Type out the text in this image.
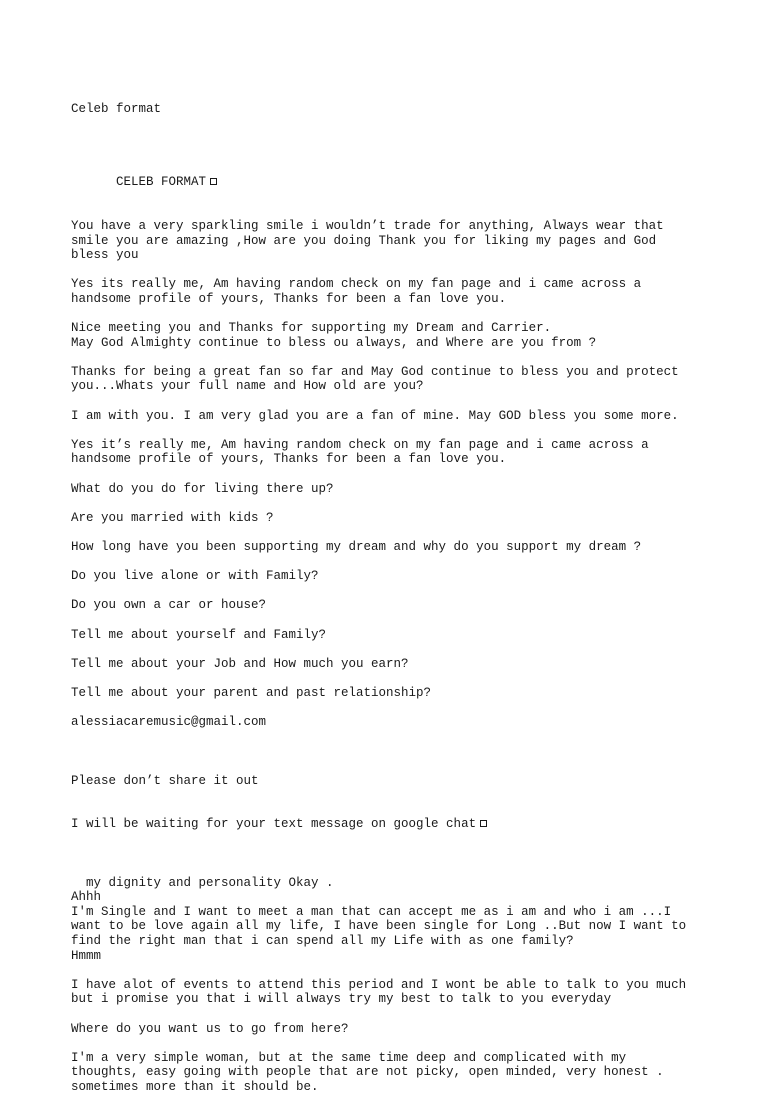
Celeb format

CELEB FORMAT

You have a very sparkling smile i wouldn’t trade for anything, Always wear that
smile you are amazing ,How are you doing Thank you for liking my pages and God
bless you

Yes its really me, Am having random check on my fan page and i came across a
handsome profile of yours, Thanks for been a fan love you.

Nice meeting you and Thanks for supporting my Dream and Carrier.
May God Almighty continue to bless ou always, and Where are you from ?

Thanks for being a great fan so far and May God continue to bless you and protect
you...Whats your full name and How old are you?

I am with you. I am very glad you are a fan of mine. May GOD bless you some more.

Yes it’s really me, Am having random check on my fan page and i came across a
handsome profile of yours, Thanks for been a fan love you.

What do you do for living there up?

Are you married with kids ?

How long have you been supporting my dream and why do you support my dream ?

Do you live alone or with Family?

Do you own a car or house?

Tell me about yourself and Family?

Tell me about your Job and How much you earn?

Tell me about your parent and past relationship?

alessiacaremusic@gmail.com

Please don’t share it out

I will be waiting for your text message on google chat

my dignity and personality Okay .
Ahhh
I'm Single and I want to meet a man that can accept me as i am and who i am ...I
want to be love again all my life, I have been single for Long ..But now I want to
find the right man that i can spend all my Life with as one family?
Hmmm

I have alot of events to attend this period and I wont be able to talk to you much
but i promise you that i will always try my best to talk to you everyday

Where do you want us to go from here?

I'm a very simple woman, but at the same time deep and complicated with my
thoughts, easy going with people that are not picky, open minded, very honest .
sometimes more than it should be.
